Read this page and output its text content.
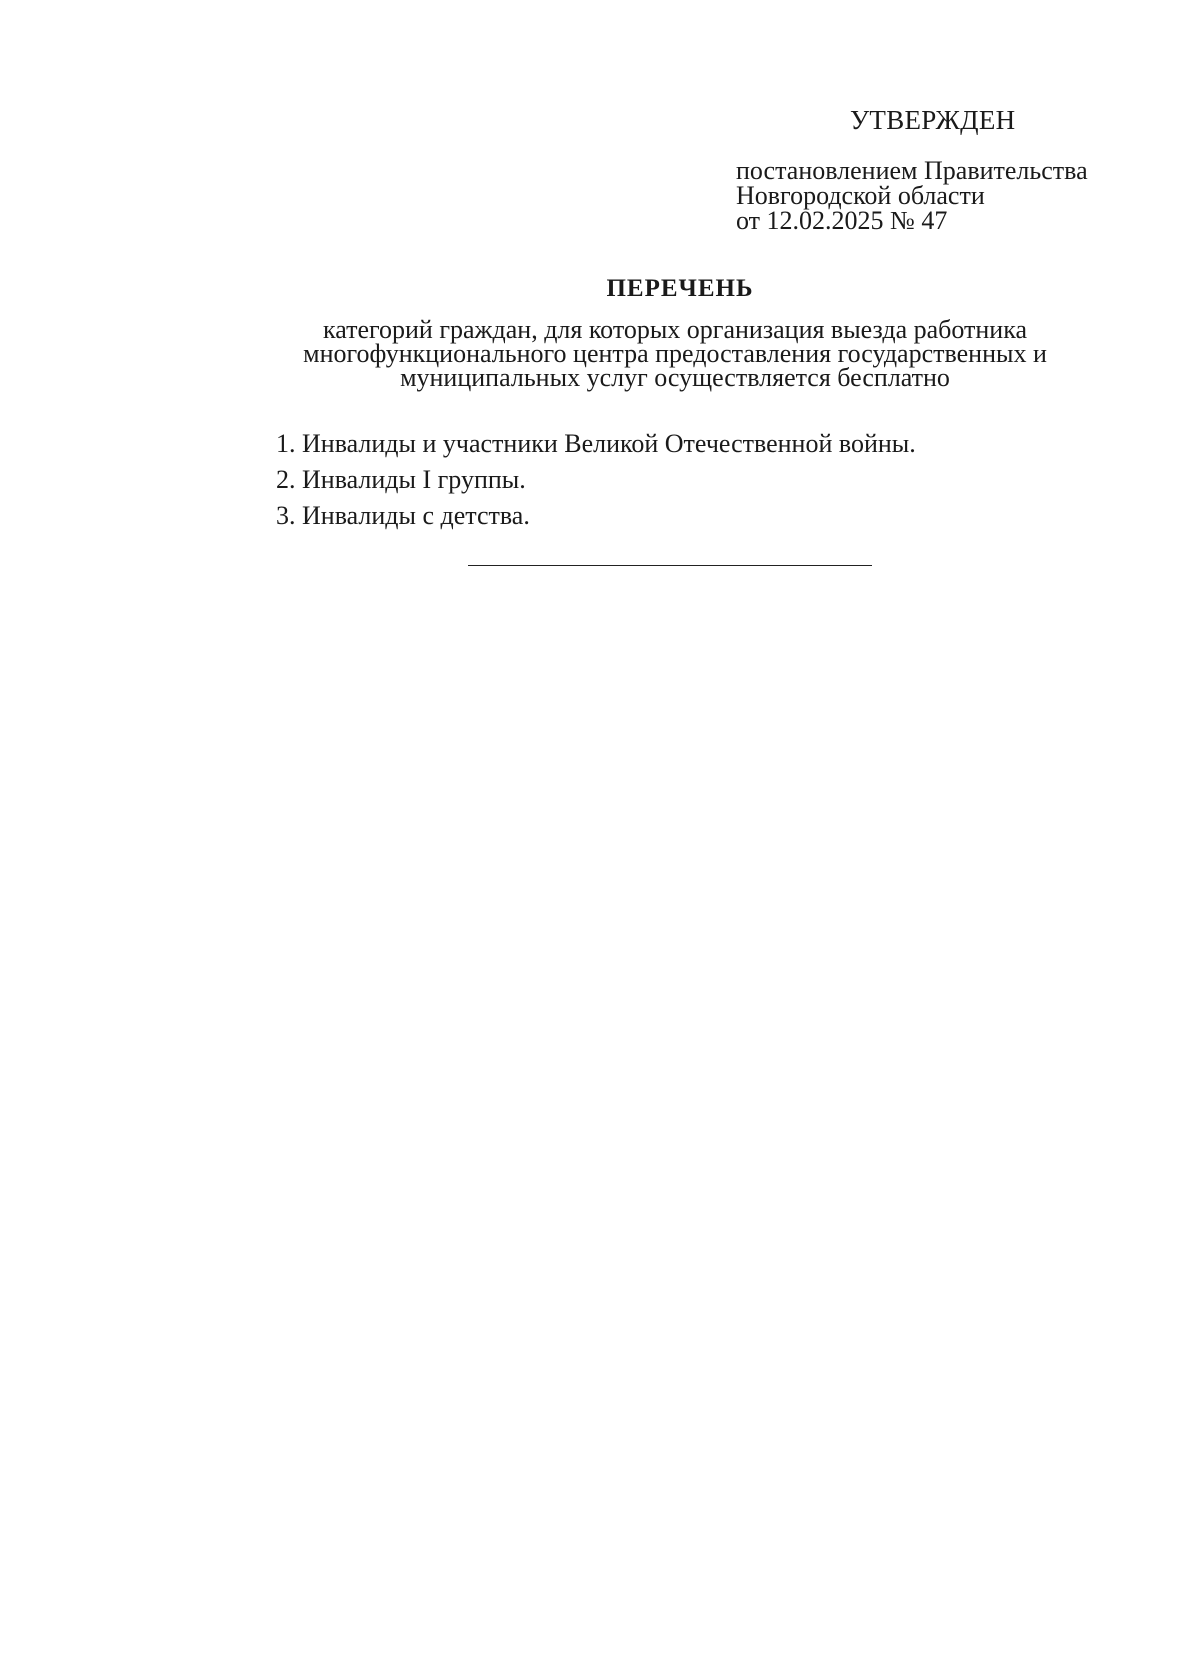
УТВЕРЖДЕН
постановлением Правительства
Новгородской области
от 12.02.2025 № 47
ПЕРЕЧЕНЬ
категорий граждан, для которых организация выезда работника
многофункционального центра предоставления государственных и
муниципальных услуг осуществляется бесплатно
1. Инвалиды и участники Великой Отечественной войны.
2. Инвалиды I группы.
3. Инвалиды с детства.
